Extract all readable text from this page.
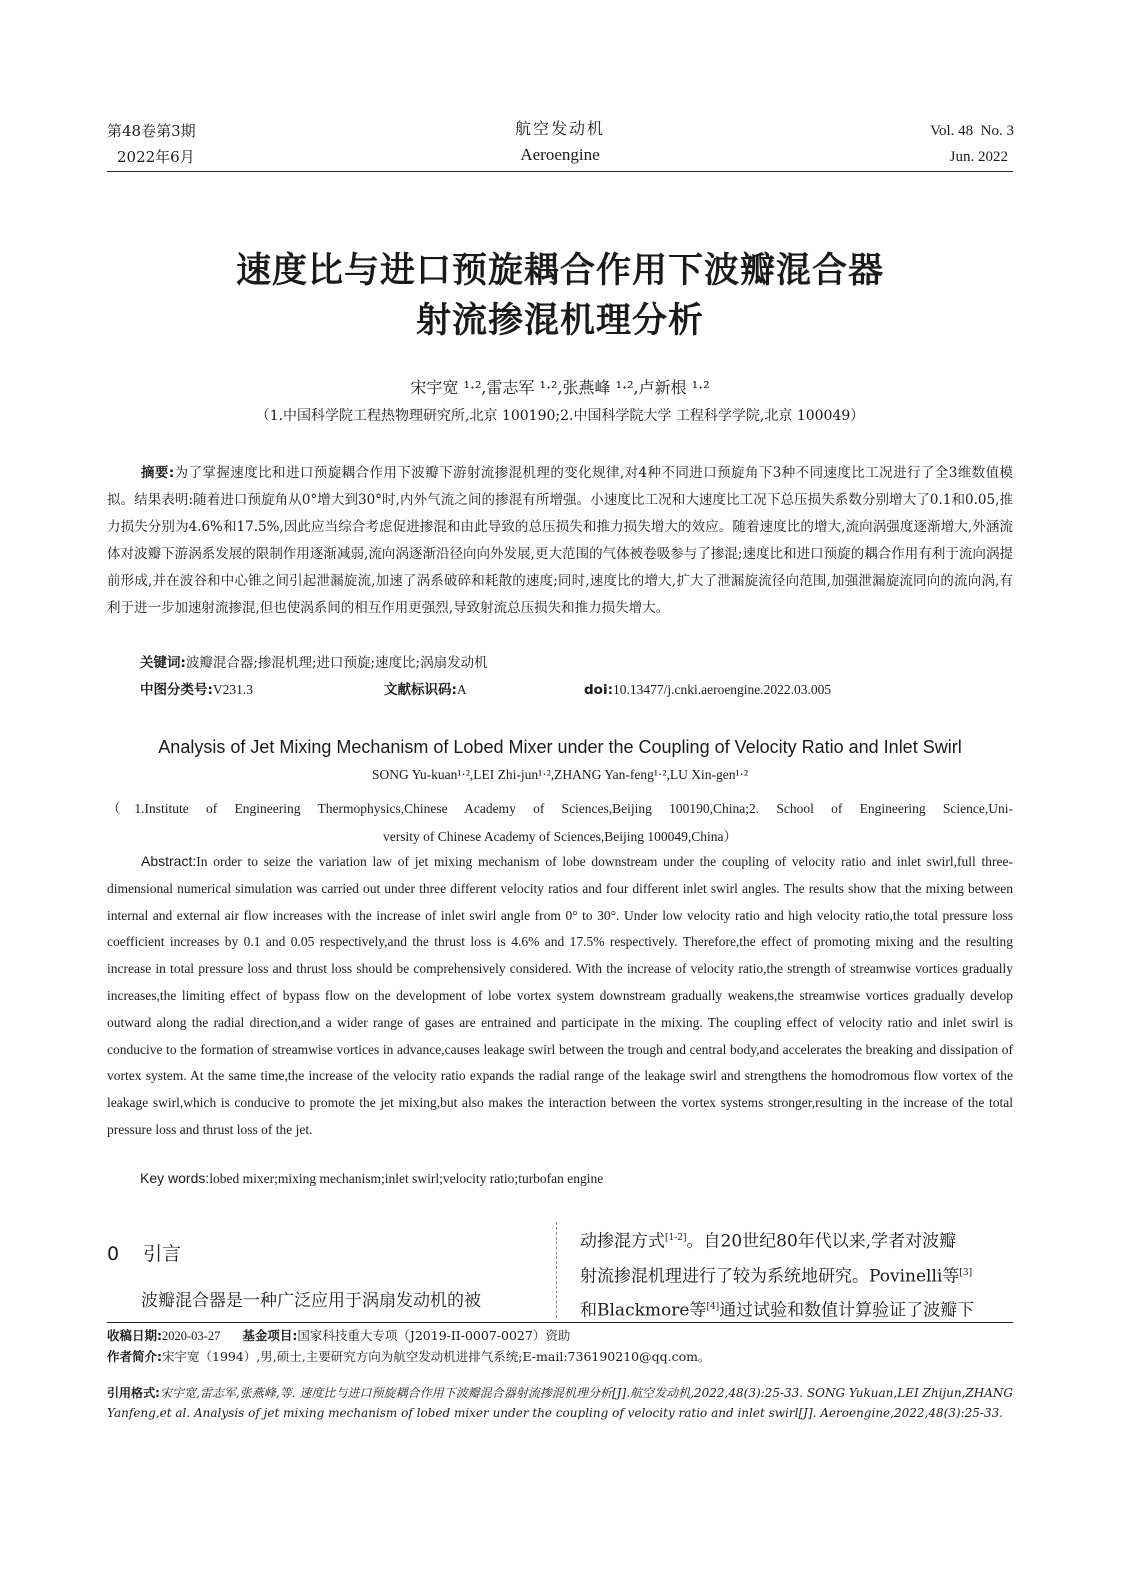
第48卷第3期
2022年6月
航空发动机
Aeroengine
Vol. 48  No. 3
Jun. 2022
速度比与进口预旋耦合作用下波瓣混合器
射流掺混机理分析
宋宇宽 ¹·²,雷志军 ¹·²,张燕峰 ¹·²,卢新根 ¹·²
（1.中国科学院工程热物理研究所,北京 100190;2.中国科学院大学 工程科学学院,北京 100049）
摘要:为了掌握速度比和进口预旋耦合作用下波瓣下游射流掺混机理的变化规律,对4种不同进口预旋角下3种不同速度比工况进行了全3维数值模拟。结果表明:随着进口预旋角从0°增大到30°时,内外气流之间的掺混有所增强。小速度比工况和大速度比工况下总压损失系数分别增大了0.1和0.05,推力损失分别为4.6%和17.5%,因此应当综合考虑促进掺混和由此导致的总压损失和推力损失增大的效应。随着速度比的增大,流向涡强度逐渐增大,外涵流体对波瓣下游涡系发展的限制作用逐渐减弱,流向涡逐渐沿径向向外发展,更大范围的气体被卷吸参与了掺混;速度比和进口预旋的耦合作用有利于流向涡提前形成,并在波谷和中心锥之间引起泄漏旋流,加速了涡系破碎和耗散的速度;同时,速度比的增大,扩大了泄漏旋流径向范围,加强泄漏旋流同向的流向涡,有利于进一步加速射流掺混,但也使涡系间的相互作用更强烈,导致射流总压损失和推力损失增大。
关键词:波瓣混合器;掺混机理;进口预旋;速度比;涡扇发动机
中图分类号:V231.3	文献标识码:A	doi:10.13477/j.cnki.aeroengine.2022.03.005
Analysis of Jet Mixing Mechanism of Lobed Mixer under the Coupling of Velocity Ratio and Inlet Swirl
SONG Yu-kuan¹·²,LEI Zhi-jun¹·²,ZHANG Yan-feng¹·²,LU Xin-gen¹·²
（1.Institute of Engineering Thermophysics,Chinese Academy of Sciences,Beijing 100190,China;2. School of Engineering Science,Uni-
versity of Chinese Academy of Sciences,Beijing 100049,China）
Abstract:In order to seize the variation law of jet mixing mechanism of lobe downstream under the coupling of velocity ratio and inlet swirl,full three-dimensional numerical simulation was carried out under three different velocity ratios and four different inlet swirl angles. The results show that the mixing between internal and external air flow increases with the increase of inlet swirl angle from 0° to 30°. Under low velocity ratio and high velocity ratio,the total pressure loss coefficient increases by 0.1 and 0.05 respectively,and the thrust loss is 4.6% and 17.5% respectively. Therefore,the effect of promoting mixing and the resulting increase in total pressure loss and thrust loss should be comprehensively considered. With the increase of velocity ratio,the strength of streamwise vortices gradually increases,the limiting effect of bypass flow on the development of lobe vortex system downstream gradually weakens,the streamwise vortices gradually develop outward along the radial direction,and a wider range of gases are entrained and participate in the mixing. The coupling effect of velocity ratio and inlet swirl is conducive to the formation of streamwise vortices in advance,causes leakage swirl between the trough and central body,and accelerates the breaking and dissipation of vortex system. At the same time,the increase of the velocity ratio expands the radial range of the leakage swirl and strengthens the homodromous flow vortex of the leakage swirl,which is conducive to promote the jet mixing,but also makes the interaction between the vortex systems stronger,resulting in the increase of the total pressure loss and thrust loss of the jet.
Key words:lobed mixer;mixing mechanism;inlet swirl;velocity ratio;turbofan engine
0 引言
波瓣混合器是一种广泛应用于涡扇发动机的被
动掺混方式[1-2]。自20世纪80年代以来,学者对波瓣
射流掺混机理进行了较为系统地研究。Povinelli等[3]
和Blackmore等[4]通过试验和数值计算验证了波瓣下
收稿日期:2020-03-27 基金项目:国家科技重大专项（J2019-II-0007-0027）资助
作者简介:宋宇宽（1994）,男,硕士,主要研究方向为航空发动机进排气系统;E-mail:736190210@qq.com。
引用格式:宋宇宽,雷志军,张燕峰,等. 速度比与进口预旋耦合作用下波瓣混合器射流掺混机理分析[J].航空发动机,2022,48(3):25-33. SONG Yukuan,LEI Zhijun,ZHANG Yanfeng,et al. Analysis of jet mixing mechanism of lobed mixer under the coupling of velocity ratio and inlet swirl[J]. Aeroengine,2022,48(3):25-33.
